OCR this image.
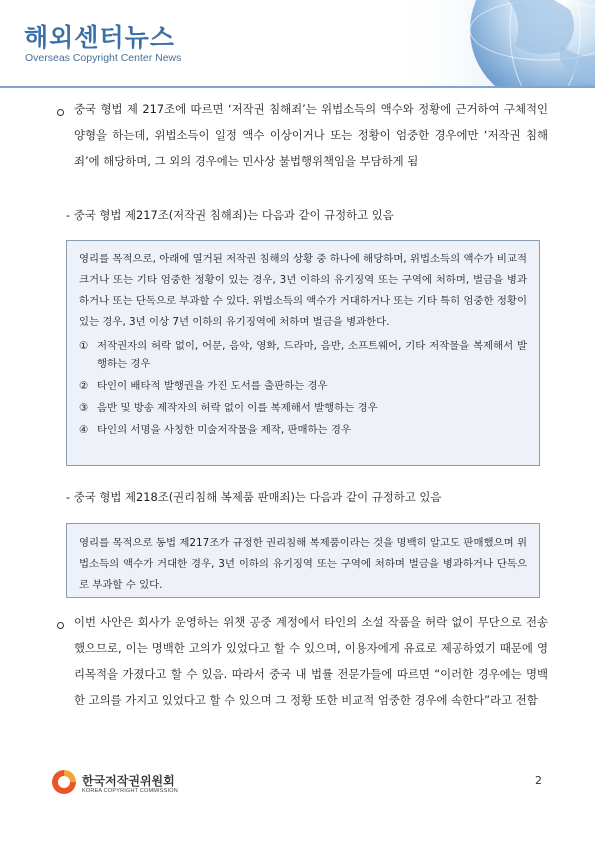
해외센터뉴스
Overseas Copyright Center News
중국 형법 제 217조에 따르면 ‘저작권 침해죄’는 위법소득의 액수와 정황에 근거하여 구체적인 양형을 하는데, 위법소득이 일정 액수 이상이거나 또는 정황이 엄중한 경우에만 ‘저작권 침해죄’에 해당하며, 그 외의 경우에는 민사상 불법행위책임을 부담하게 됨
- 중국 형법 제217조(저작권 침해죄)는 다음과 같이 규정하고 있음
영리를 목적으로, 아래에 열거된 저작권 침해의 상황 중 하나에 해당하며, 위법소득의 액수가 비교적 크거나 또는 기타 엄중한 정황이 있는 경우, 3년 이하의 유기징역 또는 구역에 처하며, 벌금을 병과하거나 또는 단독으로 부과할 수 있다. 위법소득의 액수가 거대하거나 또는 기타 특히 엄중한 정황이 있는 경우, 3년 이상 7년 이하의 유기징역에 처하며 벌금을 병과한다.
① 저작권자의 허락 없이, 어문, 음악, 영화, 드라마, 음반, 소프트웨어, 기타 저작물을 복제해서 발행하는 경우
② 타인이 배타적 발행권을 가진 도서를 출판하는 경우
③ 음반 및 방송 제작자의 허락 없이 이를 복제해서 발행하는 경우
④ 타인의 서명을 사칭한 미술저작물을 제작, 판매하는 경우
- 중국 형법 제218조(권리침해 복제품 판매죄)는 다음과 같이 규정하고 있음
영리를 목적으로 동법 제217조가 규정한 권리침해 복제품이라는 것을 명백히 알고도 판매했으며 위법소득의 액수가 거대한 경우, 3년 이하의 유기징역 또는 구역에 처하며 벌금을 병과하거나 단독으로 부과할 수 있다.
이번 사안은 회사가 운영하는 위챗 공중 계정에서 타인의 소설 작품을 허락 없이 무단으로 전송했으므로, 이는 명백한 고의가 있었다고 할 수 있으며, 이용자에게 유료로 제공하였기 때문에 영리목적을 가졌다고 할 수 있음. 따라서 중국 내 법률 전문가들에 따르면 “이러한 경우에는 명백한 고의를 가지고 있었다고 할 수 있으며 그 정황 또한 비교적 엄중한 경우에 속한다”라고 전함
한국저작권위원회
KOREA COPYRIGHT COMMISSION
2
